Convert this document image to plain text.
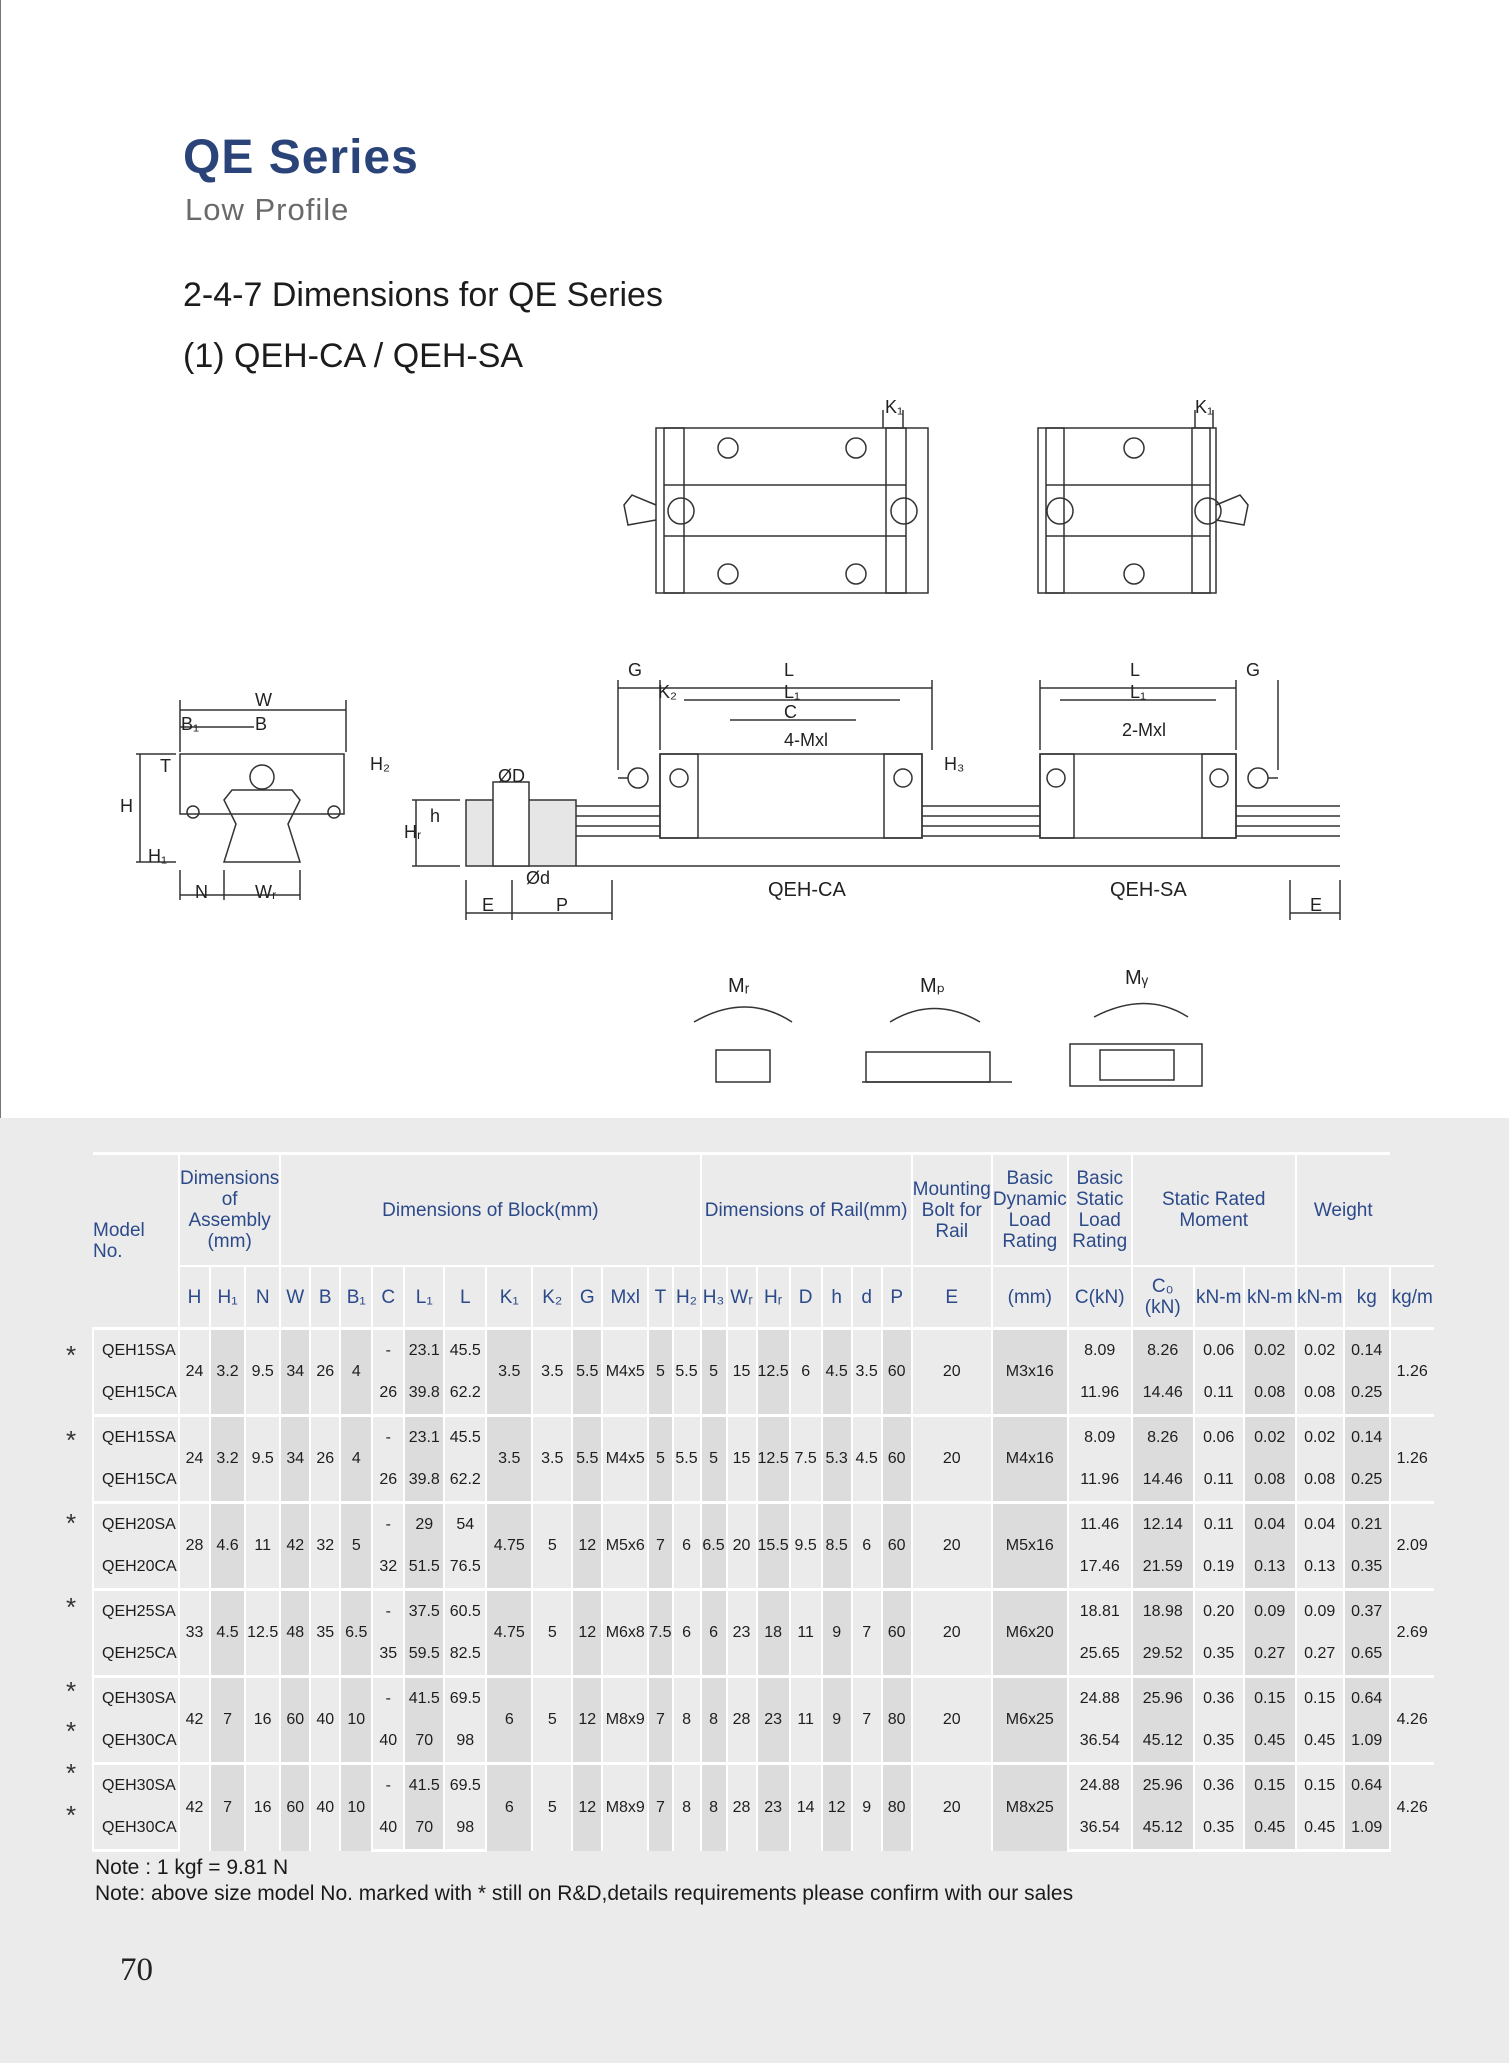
QE Series
Low Profile
2-4-7 Dimensions for QE Series
(1) QEH-CA / QEH-SA
K₁	K₁
W
B₁	B
T	H₂
H
H₁
N	Wᵣ
ØD
h
Hᵣ
Ød
E	P
G	L
L₁
K₂
C
4-Mxl
L
L₁
2-Mxl
G
H₃
E
QEH-CA	QEH-SA
Mᵣ	Mₚ	Mᵧ
Model No.	Dimensions of Assembly (mm)			Dimensions of Block(mm)												Dimensions of Rail(mm)							Mounting Bolt for Rail	Basic Dynamic Load Rating	Basic Static Load Rating	Static Rated Moment			Weight		
	H	H₁	N	W	B	B₁	C	L₁	L	K₁	K₂	G	Mxl	T	H₂	H₃	Wᵣ	Hᵣ	D	h	d	P	E	(mm)	C(kN)	C₀ (kN)	kN-m	kN-m	kN-m	kg	kg/m
QEH15SA	24	3.2	9.5	34	26	4	-	23.1	45.5	3.5	3.5	5.5	M4x5	5	5.5	5	15	12.5	6	4.5	3.5	60	20	M3x16	8.09	8.26	0.06	0.02	0.02	0.14	1.26
QEH15CA							26	39.8	62.2																11.96	14.46	0.11	0.08	0.08	0.25	
QEH15SA	24	3.2	9.5	34	26	4	-	23.1	45.5	3.5	3.5	5.5	M4x5	5	5.5	5	15	12.5	7.5	5.3	4.5	60	20	M4x16	8.09	8.26	0.06	0.02	0.02	0.14	1.26
QEH15CA							26	39.8	62.2																11.96	14.46	0.11	0.08	0.08	0.25	
QEH20SA	28	4.6	11	42	32	5	-	29	54	4.75	5	12	M5x6	7	6	6.5	20	15.5	9.5	8.5	6	60	20	M5x16	11.46	12.14	0.11	0.04	0.04	0.21	2.09
QEH20CA							32	51.5	76.5																17.46	21.59	0.19	0.13	0.13	0.35	
QEH25SA	33	4.5	12.5	48	35	6.5	-	37.5	60.5	4.75	5	12	M6x8	7.5	6	6	23	18	11	9	7	60	20	M6x20	18.81	18.98	0.20	0.09	0.09	0.37	2.69
QEH25CA							35	59.5	82.5																25.65	29.52	0.35	0.27	0.27	0.65	
QEH30SA	42	7	16	60	40	10	-	41.5	69.5	6	5	12	M8x9	7	8	8	28	23	11	9	7	80	20	M6x25	24.88	25.96	0.36	0.15	0.15	0.64	4.26
QEH30CA							40	70	98																36.54	45.12	0.35	0.45	0.45	1.09	
QEH30SA	42	7	16	60	40	10	-	41.5	69.5	6	5	12	M8x9	7	8	8	28	23	14	12	9	80	20	M8x25	24.88	25.96	0.36	0.15	0.15	0.64	4.26
QEH30CA							40	70	98																36.54	45.12	0.35	0.45	0.45	1.09	
*
*
*
*
*
*
*
*
Note : 1 kgf = 9.81 N
Note: above size model No. marked with * still on R&D,details requirements please confirm with our sales
70
